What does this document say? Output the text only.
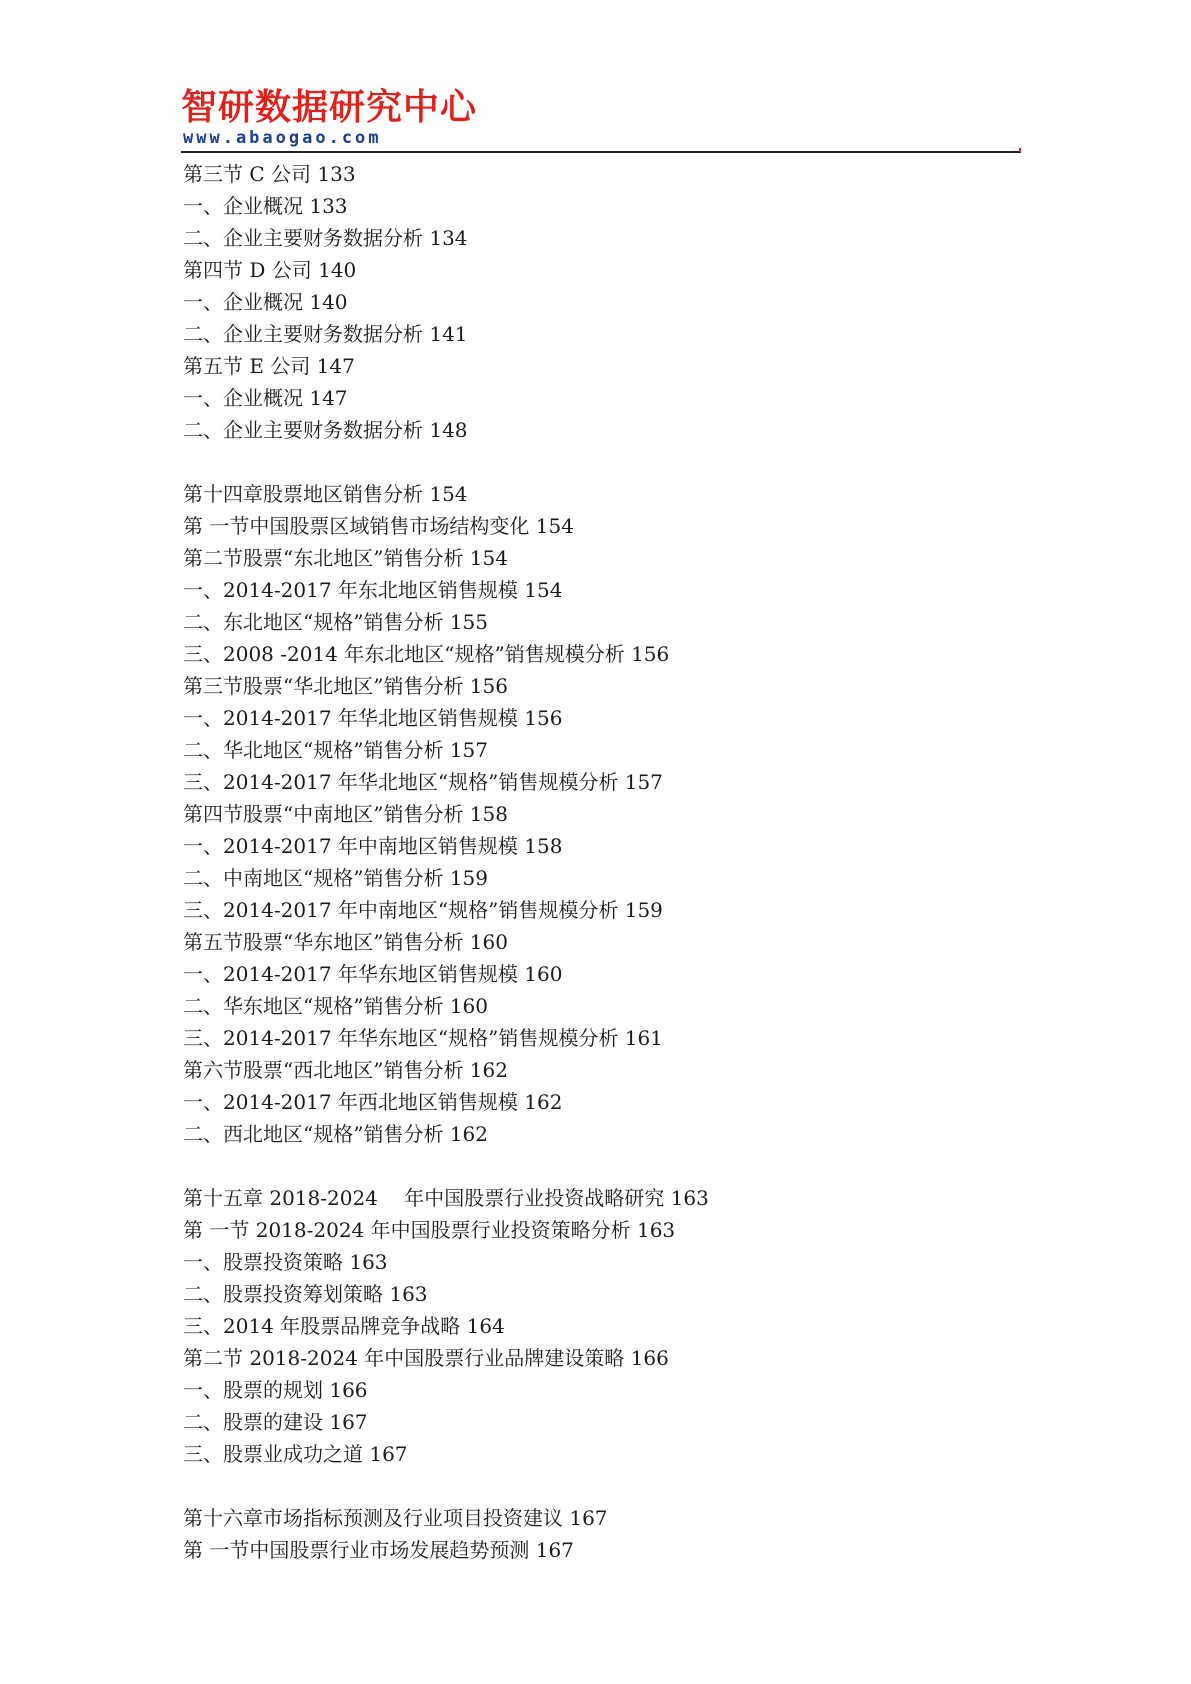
智研数据研究中心
www.abaogao.com
第三节 C 公司 133
一、企业概况 133
二、企业主要财务数据分析 134
第四节 D 公司 140
一、企业概况 140
二、企业主要财务数据分析 141
第五节 E 公司 147
一、企业概况 147
二、企业主要财务数据分析 148
第十四章股票地区销售分析 154
第 一节中国股票区域销售市场结构变化 154
第二节股票“东北地区”销售分析 154
一、2014-2017 年东北地区销售规模 154
二、东北地区“规格”销售分析 155
三、2008 -2014 年东北地区“规格”销售规模分析 156
第三节股票“华北地区”销售分析 156
一、2014-2017 年华北地区销售规模 156
二、华北地区“规格”销售分析 157
三、2014-2017 年华北地区“规格”销售规模分析 157
第四节股票“中南地区”销售分析 158
一、2014-2017 年中南地区销售规模 158
二、中南地区“规格”销售分析 159
三、2014-2017 年中南地区“规格”销售规模分析 159
第五节股票“华东地区”销售分析 160
一、2014-2017 年华东地区销售规模 160
二、华东地区“规格”销售分析 160
三、2014-2017 年华东地区“规格”销售规模分析 161
第六节股票“西北地区”销售分析 162
一、2014-2017 年西北地区销售规模 162
二、西北地区“规格”销售分析 162
第十五章 2018-2024　 年中国股票行业投资战略研究 163
第 一节 2018-2024 年中国股票行业投资策略分析 163
一、股票投资策略 163
二、股票投资筹划策略 163
三、2014 年股票品牌竞争战略 164
第二节 2018-2024 年中国股票行业品牌建设策略 166
一、股票的规划 166
二、股票的建设 167
三、股票业成功之道 167
第十六章市场指标预测及行业项目投资建议 167
第 一节中国股票行业市场发展趋势预测 167
